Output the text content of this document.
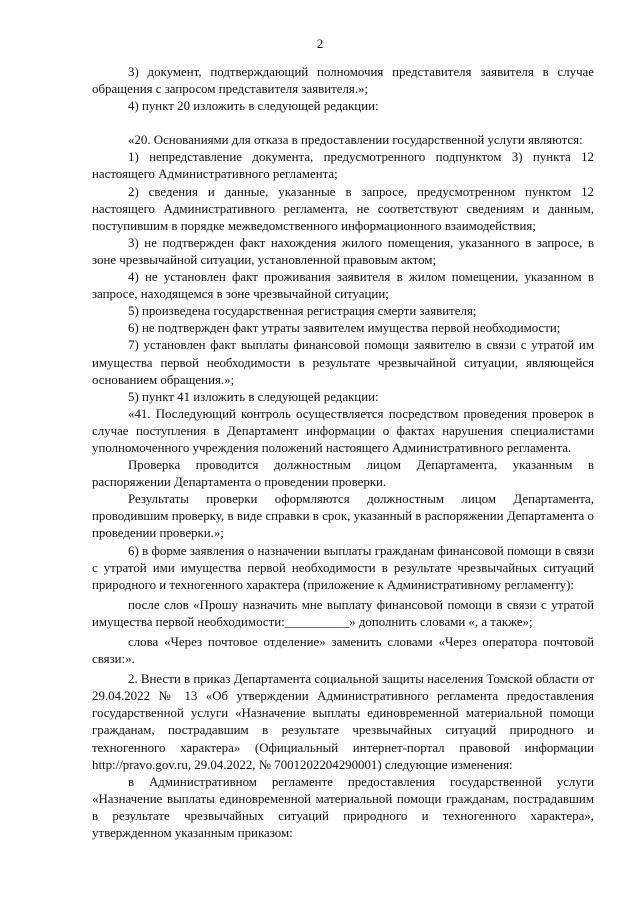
2

3) документ, подтверждающий полномочия представителя заявителя в случае обращения с запросом представителя заявителя.»;

4) пункт 20 изложить в следующей редакции:

«20. Основаниями для отказа в предоставлении государственной услуги являются:

1) непредставление документа, предусмотренного подпунктом 3) пункта 12 настоящего Административного регламента;

2) сведения и данные, указанные в запросе, предусмотренном пунктом 12 настоящего Административного регламента, не соответствуют сведениям и данным, поступившим в порядке межведомственного информационного взаимодействия;

3) не подтвержден факт нахождения жилого помещения, указанного в запросе, в зоне чрезвычайной ситуации, установленной правовым актом;

4) не установлен факт проживания заявителя в жилом помещении, указанном в запросе, находящемся в зоне чрезвычайной ситуации;

5) произведена государственная регистрация смерти заявителя;

6) не подтвержден факт утраты заявителем имущества первой необходимости;

7) установлен факт выплаты финансовой помощи заявителю в связи с утратой им имущества первой необходимости в результате чрезвычайной ситуации, являющейся основанием обращения.»;

5) пункт 41 изложить в следующей редакции:

«41. Последующий контроль осуществляется посредством проведения проверок в случае поступления в Департамент информации о фактах нарушения специалистами уполномоченного учреждения положений настоящего Административного регламента.

Проверка проводится должностным лицом Департамента, указанным в распоряжении Департамента о проведении проверки.

Результаты проверки оформляются должностным лицом Департамента, проводившим проверку, в виде справки в срок, указанный в распоряжении Департамента о проведении проверки.»;

6) в форме заявления о назначении выплаты гражданам финансовой помощи в связи с утратой ими имущества первой необходимости в результате чрезвычайных ситуаций природного и техногенного характера (приложение к Административному регламенту):

после слов «Прошу назначить мне выплату финансовой помощи в связи с утратой имущества первой необходимости:__________» дополнить словами «, а также»;

слова «Через почтовое отделение» заменить словами «Через оператора почтовой связи:».

2. Внести в приказ Департамента социальной защиты населения Томской области от 29.04.2022 № 13 «Об утверждении Административного регламента предоставления государственной услуги «Назначение выплаты единовременной материальной помощи гражданам, пострадавшим в результате чрезвычайных ситуаций природного и техногенного характера» (Официальный интернет-портал правовой информации http://pravo.gov.ru, 29.04.2022, № 7001202204290001) следующие изменения:

в Административном регламенте предоставления государственной услуги «Назначение выплаты единовременной материальной помощи гражданам, пострадавшим в результате чрезвычайных ситуаций природного и техногенного характера», утвержденном указанным приказом:
